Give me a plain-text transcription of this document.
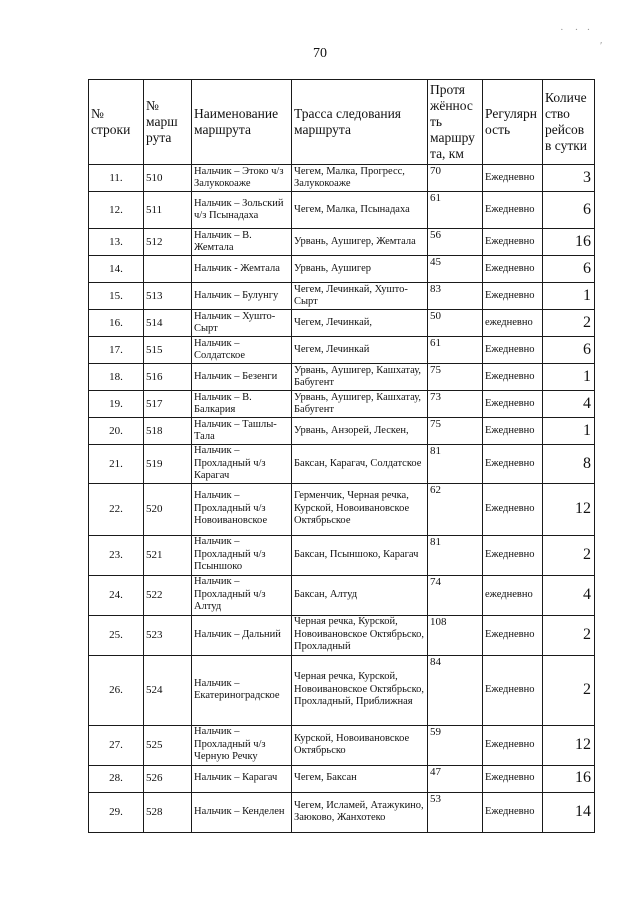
70
·    ·   ·
′
№ строки	№ марш рута	Наименование маршрута	Трасса следования маршрута	Протя жённос ть маршру та, км	Регулярн ость	Количе ство рейсов в сутки
11.	510	Нальчик – Этоко ч/з Залукокоаже	Чегем, Малка, Прогресс, Залукокоаже	70	Ежедневно	3
12.	511	Нальчик – Зольский ч/з Псынадаха	Чегем, Малка, Псынадаха	61	Ежедневно	6
13.	512	Нальчик – В. Жемтала	Урвань, Аушигер, Жемтала	56	Ежедневно	16
14.		Нальчик - Жемтала	Урвань, Аушигер	45	Ежедневно	6
15.	513	Нальчик – Булунгу	Чегем, Лечинкай, Хушто-Сырт	83	Ежедневно	1
16.	514	Нальчик – Хушто-Сырт	Чегем, Лечинкай,	50	ежедневно	2
17.	515	Нальчик – Солдатское	Чегем, Лечинкай	61	Ежедневно	6
18.	516	Нальчик – Безенги	Урвань, Аушигер, Кашхатау, Бабугент	75	Ежедневно	1
19.	517	Нальчик – В. Балкария	Урвань, Аушигер, Кашхатау, Бабугент	73	Ежедневно	4
20.	518	Нальчик – Ташлы-Тала	Урвань, Анзорей, Лескен,	75	Ежедневно	1
21.	519	Нальчик – Прохладный ч/з Карагач	Баксан, Карагач, Солдатское	81	Ежедневно	8
22.	520	Нальчик – Прохладный ч/з Новоивановское	Герменчик, Черная речка, Курской, Новоивановское Октябрьское	62	Ежедневно	12
23.	521	Нальчик – Прохладный ч/з Псыншоко	Баксан, Псыншоко, Карагач	81	Ежедневно	2
24.	522	Нальчик – Прохладный ч/з Алтуд	Баксан, Алтуд	74	ежедневно	4
25.	523	Нальчик – Дальний	Черная речка, Курской, Новоивановское Октябрьско, Прохладный	108	Ежедневно	2
26.	524	Нальчик – Екатериноградское	Черная речка, Курской, Новоивановское Октябрьско, Прохладный, Приближная	84	Ежедневно	2
27.	525	Нальчик – Прохладный ч/з Черную Речку	Курской, Новоивановское Октябрьско	59	Ежедневно	12
28.	526	Нальчик – Карагач	Чегем, Баксан	47	Ежедневно	16
29.	528	Нальчик – Кенделен	Чегем, Исламей, Атажукино, Заюково, Жанхотеко	53	Ежедневно	14
